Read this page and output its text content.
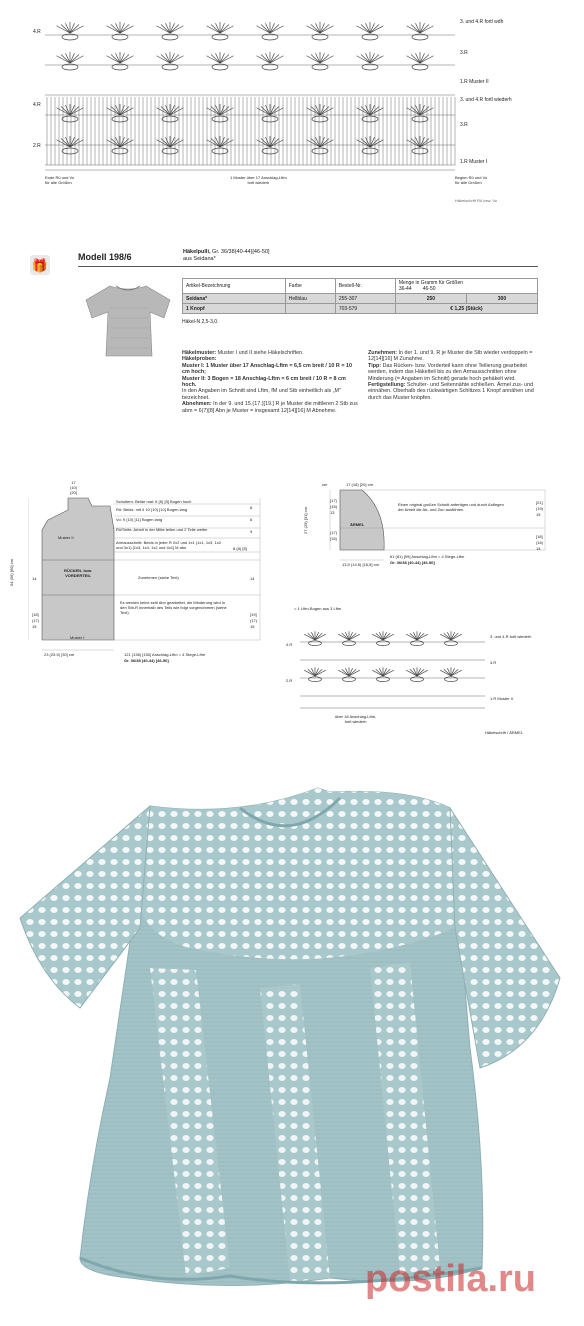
4.R
4.R
2.R
3. und 4.R fortl wdh
3.R
1.R Muster II
3. und 4.R fortl wiederh
3.R
1.R Muster I
Ende Rü und Vo
für alle Größen
1 Muster über 17 Anschlag-Lftm
fortl wiederh
Beginn Rü und Vo
für alle Größen
Häkelschrift Rü bzw. Vo
🎁
Modell 198/6	Häkelpulli, Gr. 36/38(40-44)[46-50]
aus Seidana*
Artikel-Bezeichnung	Farbe	Bestell-Nr.	Menge in Gramm für Größen
36-44 46-50	
Seidana*	Hellblau	255-307	250	300
1 Knopf		703-579	€ 1,25 (Stück)	
Häkel-N 2,5-3,0.
Häkelmuster: Muster I und II siehe Häkelschriften.
Häkelproben:
Muster I: 1 Muster über 17 Anschlag-Lftm = 6,5 cm breit / 10 R = 10 cm hoch;
Muster II: 3 Bogen = 18 Anschlag-Lftm = 6 cm breit / 10 R = 8 cm hoch.
In den Angaben im Schnitt sind Lftm, fM und Stb einheitlich als „M" bezeichnet.
Abnehmen: In der 9. und 15.(17.)[19.] R je Muster die mittleren 2 Stb zus abm = 6(7)[8] Abn je Muster = insgesamt 12[14][16] M Abnehme.
Zunehmen: In der 1. und 9. R je Muster die Stb wieder verdoppeln = 12[14][16] M Zunahme.
Tipp: Das Rücken- bzw. Vorderteil kann ohne Teilierung gearbeitet werden, indem das Häkelteil bis zu den Armausschnitten ohne Minderung (= Angaben im Schnitt) gerade hoch gehäkelt wird.
Fertigstellung: Schulter- und Seitennähte schließen. Ärmel zus- und einnähen. Oberhalb des rückwärtigen Schlitzes 1 Knopf annähen und durch das Muster knöpfen.
17
(10)
[20]
Schultern: Beide mal: 5 (5) [5] Bogen hoch
Rü: Beids. mit 4 10 (10) [10] Bogen lang
Vo: 9 (10) [11] Bogen lang
Rü/Seite: Arbeit in der Mitte teilen und 2 Teile weiter
Armausschnitt: Beids in jeder R 2x2 und 1x1 (1x1, 1x3, 1x2 und 3x1) [1x3, 1x4, 1x2 und 4x1] M abn
Zunehmen (siehe Text)
Es werden keine seitl Abn gearbeitet, die Minderung wird in den Stb-R innerhalb des Teils wie folgt vorgenommen (siehe Text)
RÜCKEN- bzw. VORDERTEIL
Muster II
Muster I
8
6
9
8 (8) [8]
14
[19]
(17)
15
14
[18]
(17)
15
54 (56) [60] cm
23 (25.5) [30] cm	121 (136) [150] Anschlag-Lftm = 4 Stege-Lftm
Gr. 36/38 (40-44) [46-50]
17 (18) [20] cm
cm
ÄRMEL
Einen original großen Schnitt anfertigen und durch Auflegen der Arbeit die Ab- und Zun ausführen
[21]
(19)
15
[18]
(16)
14
[17]
(15)
13
27 (29) [31] cm
13,5 (14,5) [16,5] cm
61 (81) [99] Anschlag-Lftm = 4 Stege-Lftm
Gr. 36/38 (40-44) [46-50]
(17)
[15]
= 1 Lftm-Bogen aus 3 Lftm
4.R
2.R
3. und 4.R fortl wiederh
3.R
1.R Muster II
über 18 Anschlag-Lftm,
fortl wiederh
Häkelschrift / ÄRMEL
postila.ru
